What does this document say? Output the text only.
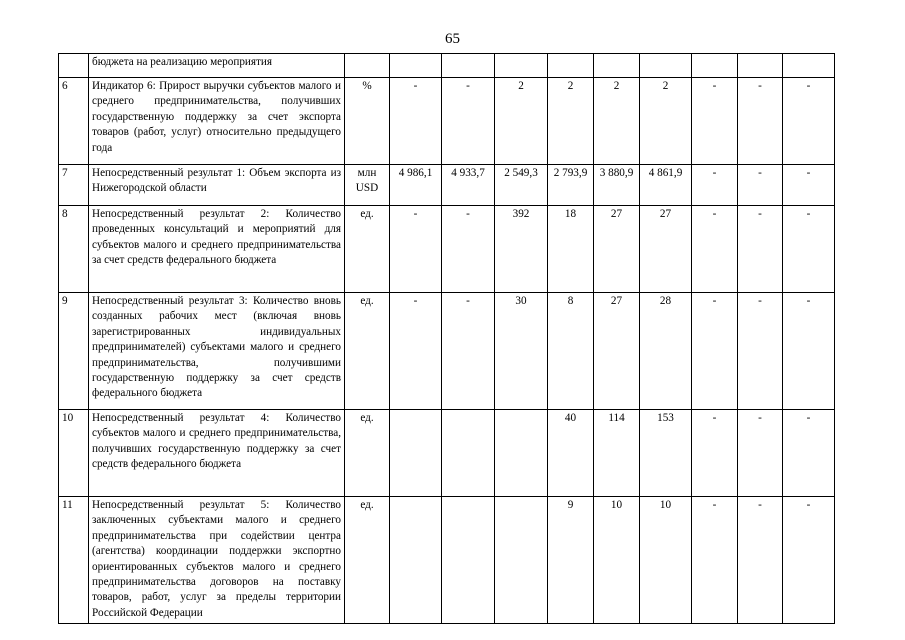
65
	бюджета на реализацию мероприятия										
6	Индикатор 6: Прирост выручки субъектов малого и среднего предпринимательства, получивших государственную поддержку за счет экспорта товаров (работ, услуг) относительно предыдущего года	%	-	-	2	2	2	2	-	-	-
7	Непосредственный результат 1: Объем экспорта из Нижегородской области	млн USD	4 986,1	4 933,7	2 549,3	2 793,9	3 880,9	4 861,9	-	-	-
8	Непосредственный результат 2: Количество проведенных консультаций и мероприятий для субъектов малого и среднего предпринимательства за счет средств федерального бюджета	ед.	-	-	392	18	27	27	-	-	-
9	Непосредственный результат 3: Количество вновь созданных рабочих мест (включая вновь зарегистрированных индивидуальных предпринимателей) субъектами малого и среднего предпринимательства, получившими государственную поддержку за счет средств федерального бюджета	ед.	-	-	30	8	27	28	-	-	-
10	Непосредственный результат 4: Количество субъектов малого и среднего предпринимательства, получивших государственную поддержку за счет средств федерального бюджета	ед.				40	114	153	-	-	-
11	Непосредственный результат 5: Количество заключенных субъектами малого и среднего предпринимательства при содействии центра (агентства) координации поддержки экспортно ориентированных субъектов малого и среднего предпринимательства договоров на поставку товаров, работ, услуг за пределы территории Российской Федерации	ед.				9	10	10	-	-	-
